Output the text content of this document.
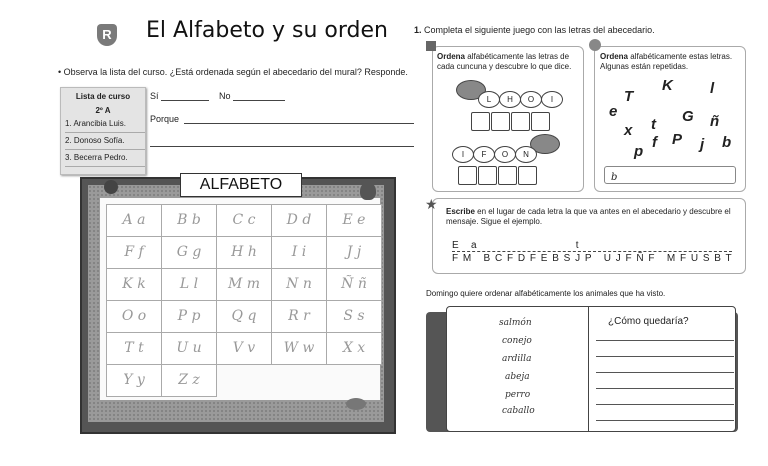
R El Alfabeto y su orden
• Observa la lista del curso. ¿Está ordenada según el abecedario del mural? Responde.
Lista de curso
2º A
1. Arancibia Luis.
2. Donoso Sofía.
3. Becerra Pedro.
Sí	No
Porque
A a	B b	C c	D d	E e
F f	G g	H h	I i	J j
K k	L l	M m	N n	Ñ ñ
O o	P p	Q q	R r	S s
T t	U u	V v	W w	X x
Y y	Z z
ALFABETO
1. Completa el siguiente juego con las letras del abecedario.
Ordena alfabéticamente las letras de cada cuncuna y descubre lo que dice.
L	H	O	I
I	F	O	N
Ordena alfabéticamente estas letras. Algunas están repetidas.
T
K l
e	G
x t	ñ
f P j b
p
b
★ Escribe en el lugar de cada letra la que va antes en el abecedario y descubre el mensaje. Sigue el ejemplo.
E   a                          t
F M   B C F D F E B S J P   U J F Ñ F   M F U S B T
Domingo quiere ordenar alfabéticamente los animales que ha visto.
salmón
conejo
ardilla
abeja
perro
caballo
¿Cómo quedaría?
